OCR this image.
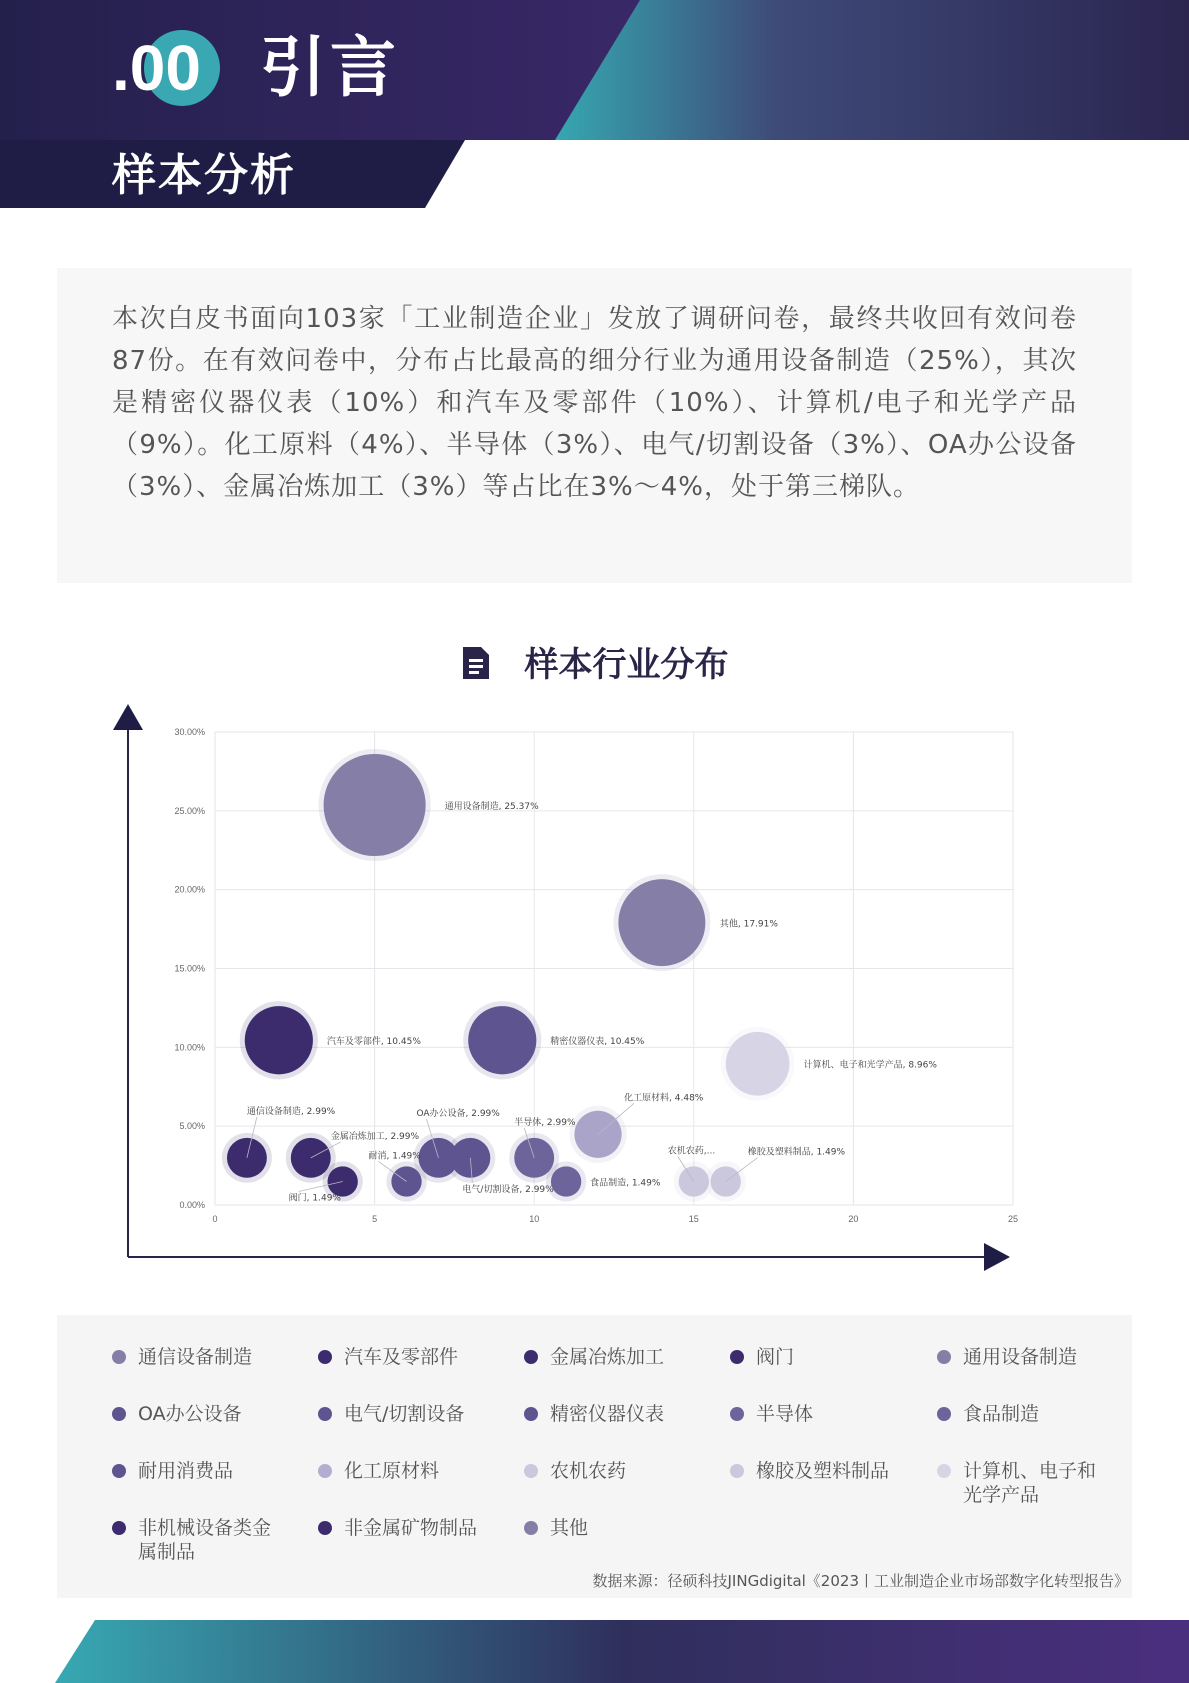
.00 引言
样本分析
本次白皮书面向103家「工业制造企业」发放了调研问卷，最终共收回有效问卷87份。在有效问卷中，分布占比最高的细分行业为通用设备制造（25%），其次是精密仪器仪表（10%）和汽车及零部件（10%）、计算机/电子和光学产品（9%）。化工原料（4%）、半导体（3%）、电气/切割设备（3%）、OA办公设备（3%）、金属冶炼加工（3%）等占比在3%～4%，处于第三梯队。
样本行业分布
0.00%
5.00%
10.00%
15.00%
20.00%
25.00%
30.00%
0	5	10	15	20	25
通用设备制造, 25.37%
其他, 17.91%
汽车及零部件, 10.45%	精密仪器仪表, 10.45%
计算机、电子和光学产品, 8.96%
化工原材料, 4.48%
通信设备制造, 2.99%
金属冶炼加工, 2.99%
OA办公设备, 2.99%
电气/切割设备, 2.99%
半导体, 2.99%
阀门, 1.49%
耐消, 1.49%
食品制造, 1.49%
农机农药,...	橡胶及塑料制品, 1.49%
通信设备制造	汽车及零部件	金属冶炼加工	阀门	通用设备制造
OA办公设备	电气/切割设备	精密仪器仪表	半导体	食品制造
耐用消费品	化工原材料	农机农药	橡胶及塑料制品	计算机、电子和光学产品
非机械设备类金属制品
非金属矿物制品	其他
数据来源：径硕科技JINGdigital《2023丨工业制造企业市场部数字化转型报告》
